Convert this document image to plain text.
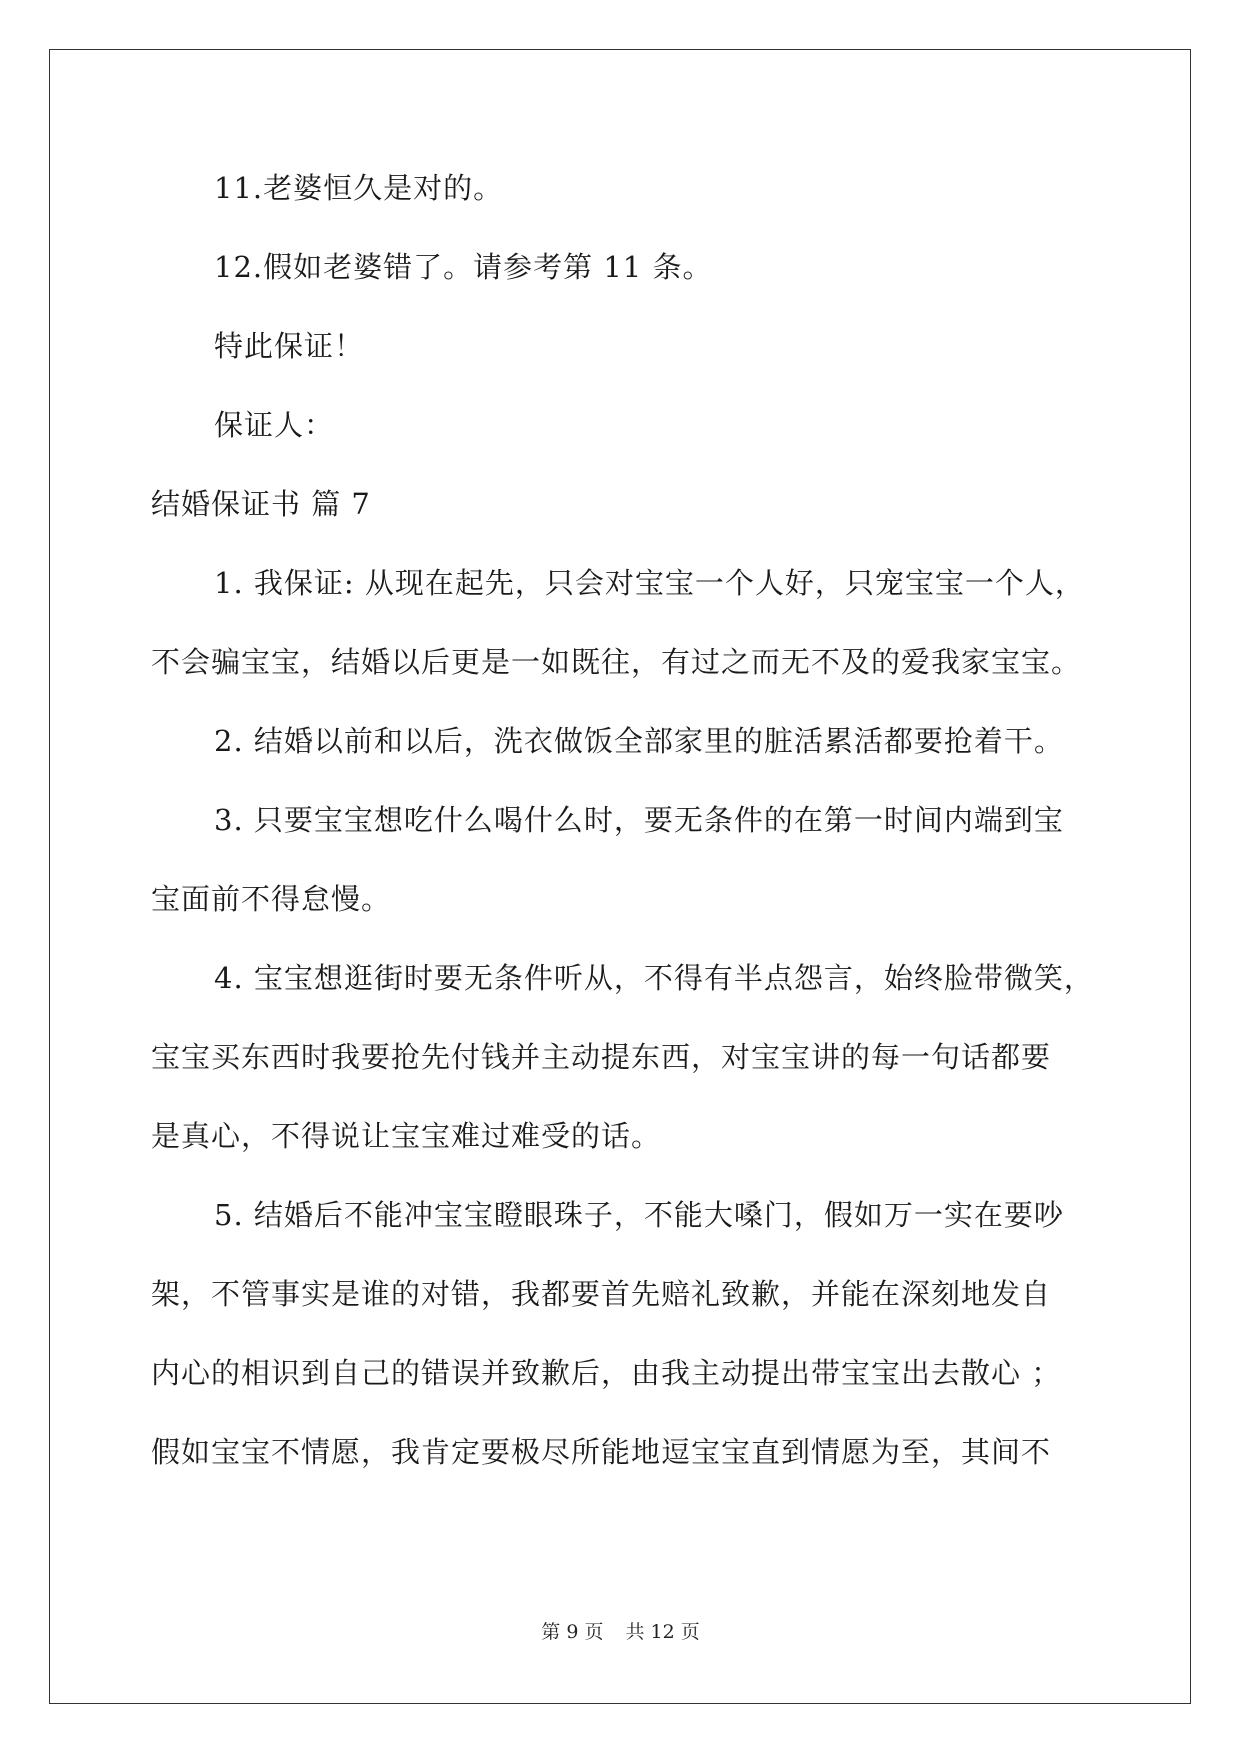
11.老婆恒久是对的。
12.假如老婆错了。请参考第 11 条。
特此保证！
保证人：
结婚保证书 篇 7
1. 我保证: 从现在起先，只会对宝宝一个人好，只宠宝宝一个人，
不会骗宝宝，结婚以后更是一如既往，有过之而无不及的爱我家宝宝。
2. 结婚以前和以后，洗衣做饭全部家里的脏活累活都要抢着干。
3. 只要宝宝想吃什么喝什么时，要无条件的在第一时间内端到宝
宝面前不得怠慢。
4. 宝宝想逛街时要无条件听从，不得有半点怨言，始终脸带微笑，
宝宝买东西时我要抢先付钱并主动提东西，对宝宝讲的每一句话都要
是真心，不得说让宝宝难过难受的话。
5. 结婚后不能冲宝宝瞪眼珠子，不能大嗓门，假如万一实在要吵
架，不管事实是谁的对错，我都要首先赔礼致歉，并能在深刻地发自
内心的相识到自己的错误并致歉后，由我主动提出带宝宝出去散心 ；
假如宝宝不情愿，我肯定要极尽所能地逗宝宝直到情愿为至，其间不
第 9 页 共 12 页
